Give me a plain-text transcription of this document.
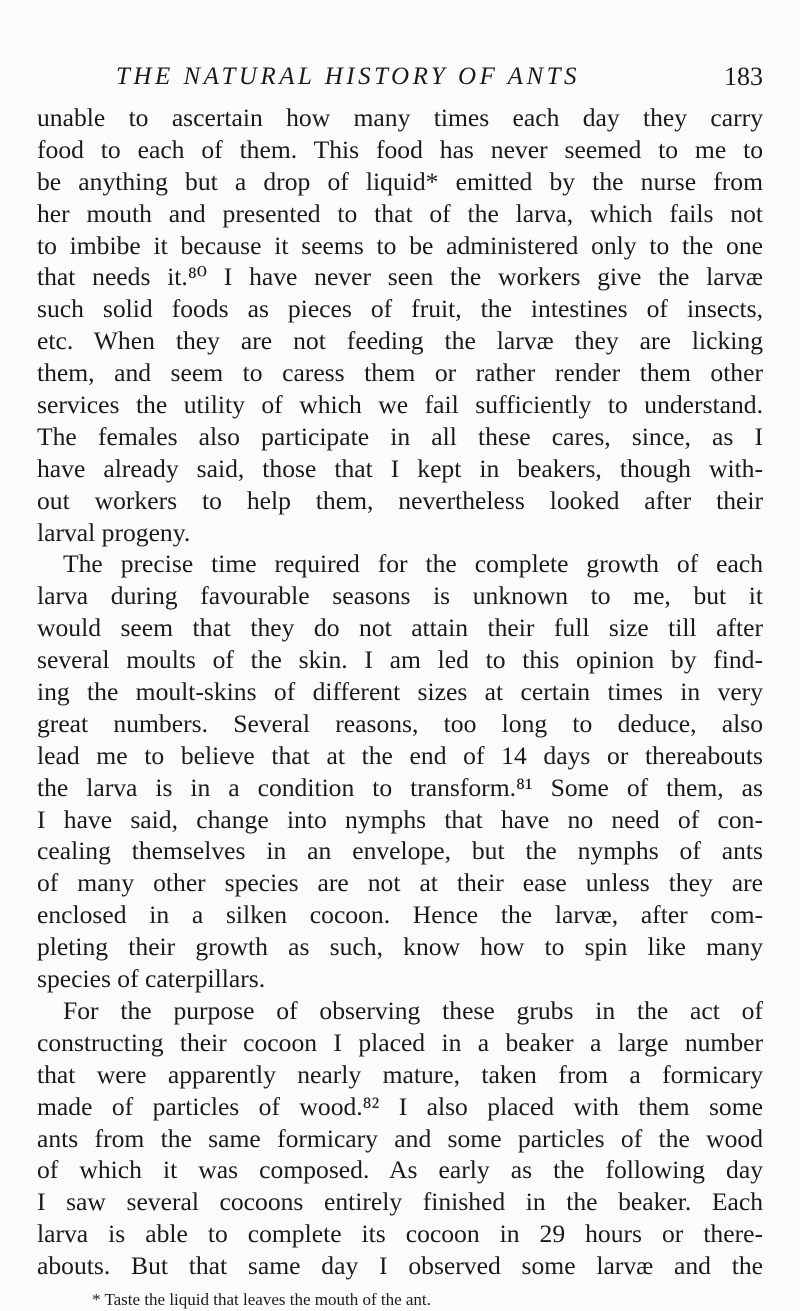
THE NATURAL HISTORY OF ANTS	183
unable to ascertain how many times each day they carry
food to each of them. This food has never seemed to me to
be anything but a drop of liquid* emitted by the nurse from
her mouth and presented to that of the larva, which fails not
to imbibe it because it seems to be administered only to the one
that needs it.⁸⁰ I have never seen the workers give the larvæ
such solid foods as pieces of fruit, the intestines of insects,
etc. When they are not feeding the larvæ they are licking
them, and seem to caress them or rather render them other
services the utility of which we fail sufficiently to understand.
The females also participate in all these cares, since, as I
have already said, those that I kept in beakers, though with-
out workers to help them, nevertheless looked after their
larval progeny.
The precise time required for the complete growth of each
larva during favourable seasons is unknown to me, but it
would seem that they do not attain their full size till after
several moults of the skin. I am led to this opinion by find-
ing the moult-skins of different sizes at certain times in very
great numbers. Several reasons, too long to deduce, also
lead me to believe that at the end of 14 days or thereabouts
the larva is in a condition to transform.⁸¹ Some of them, as
I have said, change into nymphs that have no need of con-
cealing themselves in an envelope, but the nymphs of ants
of many other species are not at their ease unless they are
enclosed in a silken cocoon. Hence the larvæ, after com-
pleting their growth as such, know how to spin like many
species of caterpillars.
For the purpose of observing these grubs in the act of
constructing their cocoon I placed in a beaker a large number
that were apparently nearly mature, taken from a formicary
made of particles of wood.⁸² I also placed with them some
ants from the same formicary and some particles of the wood
of which it was composed. As early as the following day
I saw several cocoons entirely finished in the beaker. Each
larva is able to complete its cocoon in 29 hours or there-
abouts. But that same day I observed some larvæ and the
* Taste the liquid that leaves the mouth of the ant.
